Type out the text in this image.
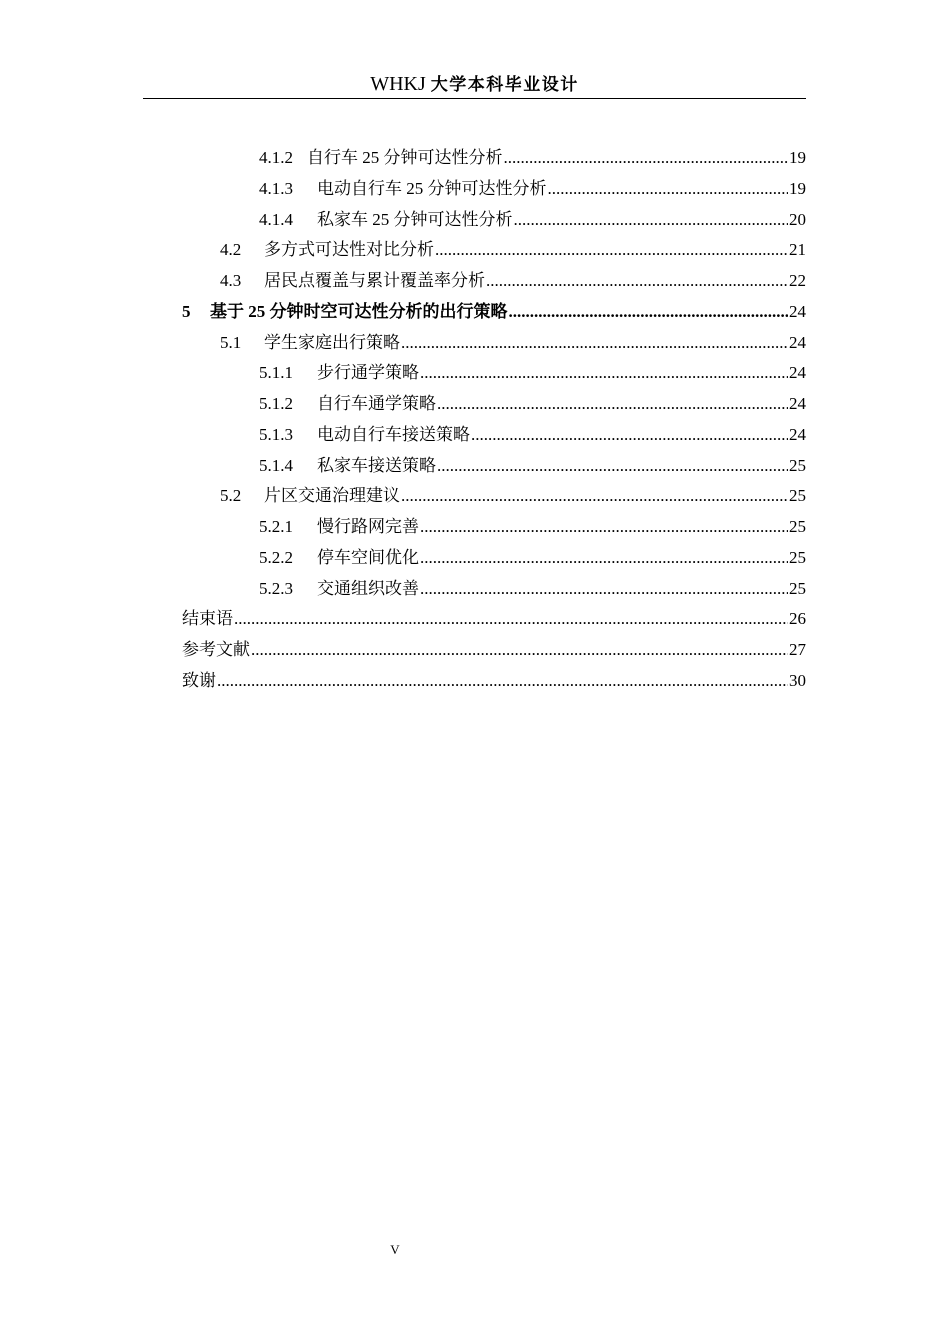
WHKJ 大学本科毕业设计
4.1.2 自行车 25 分钟可达性分析 .....	19
4.1.3	电动自行车 25 分钟可达性分析 .....	19
4.1.4	私家车 25 分钟可达性分析 .....	20
4.2	多方式可达性对比分析 .....	21
4.3	居民点覆盖与累计覆盖率分析 .....	22
5	基于 25 分钟时空可达性分析的出行策略 .....	24
5.1	学生家庭出行策略 .....	24
5.1.1	步行通学策略 .....	24
5.1.2	自行车通学策略 .....	24
5.1.3	电动自行车接送策略 .....	24
5.1.4	私家车接送策略 .....	25
5.2	片区交通治理建议 .....	25
5.2.1	慢行路网完善 .....	25
5.2.2	停车空间优化 .....	25
5.2.3	交通组织改善 .....	25
结束语 .....	26
参考文献 .....	27
致谢 .....	30
V
